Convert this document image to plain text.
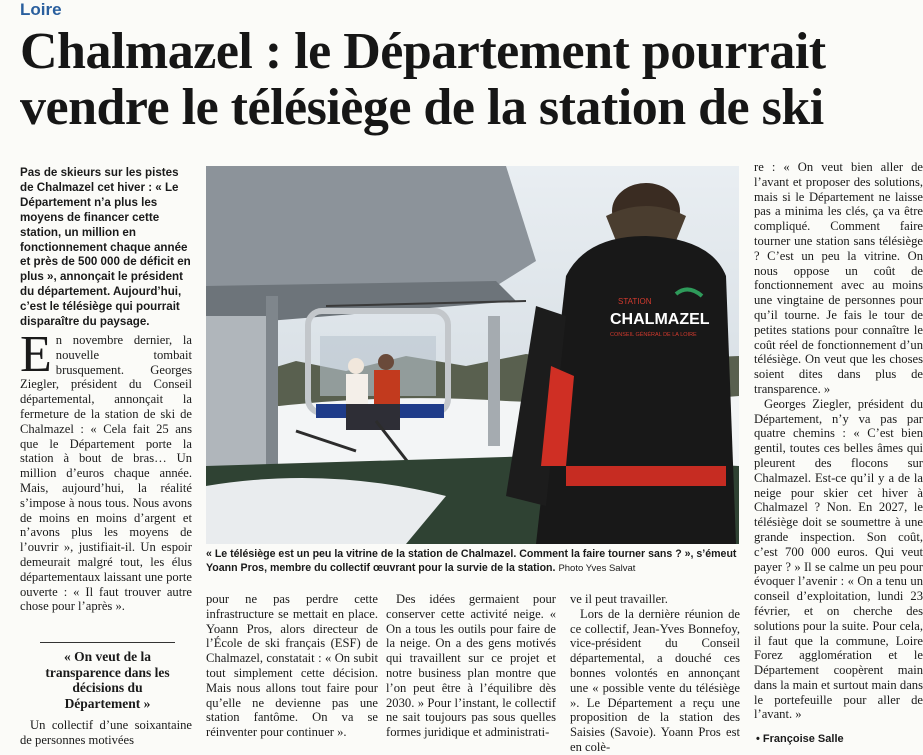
Loire
Chalmazel : le Département pourrait
vendre le télésiège de la station de ski
Pas de skieurs sur les pistes de Chalmazel cet hiver : « Le Département n’a plus les moyens de financer cette station, un million en fonctionnement chaque année et près de 500 000 de déficit en plus », annonçait le président du département. Aujourd’hui, c’est le télésiège qui pourrait disparaître du paysage.
E n novembre dernier, la nouvelle tombait brusquement. Georges Ziegler, président du Conseil départemental, annonçait la fermeture de la station de ski de Chalmazel : « Cela fait 25 ans que le Département porte la station à bout de bras… Un million d’euros chaque année. Mais, aujourd’hui, la réalité s’impose à nous tous. Nous avons de moins en moins d’argent et n’avons plus les moyens de l’ouvrir », justifiait-il. Un espoir demeurait malgré tout, les élus départementaux laissant une porte ouverte : « Il faut trouver autre chose pour l’après ».
« On veut de la transparence dans les décisions du Département »

Un collectif d’une soixantaine de personnes motivées

STATION
CHALMAZEL
CONSEIL GÉNÉRAL DE LA LOIRE
« Le télésiège est un peu la vitrine de la station de Chalmazel. Comment la faire tourner sans ? », s’émeut Yoann Pros, membre du collectif œuvrant pour la survie de la station. Photo Yves Salvat

pour ne pas perdre cette infrastructure se mettait en place. Yoann Pros, alors directeur de l’École de ski français (ESF) de Chalmazel, constatait : « On subit tout simplement cette décision. Mais nous allons tout faire pour qu’elle ne devienne pas une station fantôme. On va se réinventer pour continuer ».

Des idées germaient pour conserver cette activité neige. « On a tous les outils pour faire de la neige. On a des gens motivés qui travaillent sur ce projet et notre business plan montre que l’on peut être à l’équilibre dès 2030. » Pour l’instant, le collectif ne sait toujours pas sous quelles formes juridique et administrati-

ve il peut travailler.

Lors de la dernière réunion de ce collectif, Jean-Yves Bonnefoy, vice-président du Conseil départemental, a douché ces bonnes volontés en annonçant une « possible vente du télésiège ». Le Département a reçu une proposition de la station des Saisies (Savoie). Yoann Pros est en colè-

re : « On veut bien aller de l’avant et proposer des solutions, mais si le Département ne laisse pas a minima les clés, ça va être compliqué. Comment faire tourner une station sans télésiège ? C’est un peu la vitrine. On nous oppose un coût de fonctionnement avec au moins une vingtaine de personnes pour qu’il tourne. Je fais le tour de petites stations pour connaître le coût réel de fonctionnement d’un télésiège. On veut que les choses soient dites dans plus de transparence. »

Georges Ziegler, président du Département, n’y va pas par quatre chemins : « C’est bien gentil, toutes ces belles âmes qui pleurent des flocons sur Chalmazel. Est-ce qu’il y a de la neige pour skier cet hiver à Chalmazel ? Non. En 2027, le télésiège doit se soumettre à une grande inspection. Son coût, c’est 700 000 euros. Qui veut payer ? » Il se calme un peu pour évoquer l’avenir : « On a tenu un conseil d’exploitation, lundi 23 février, et on cherche des solutions pour la suite. Pour cela, il faut que la commune, Loire Forez agglomération et le Département coopèrent main dans la main et surtout main dans le portefeuille pour aller de l’avant. »

• Françoise Salle
